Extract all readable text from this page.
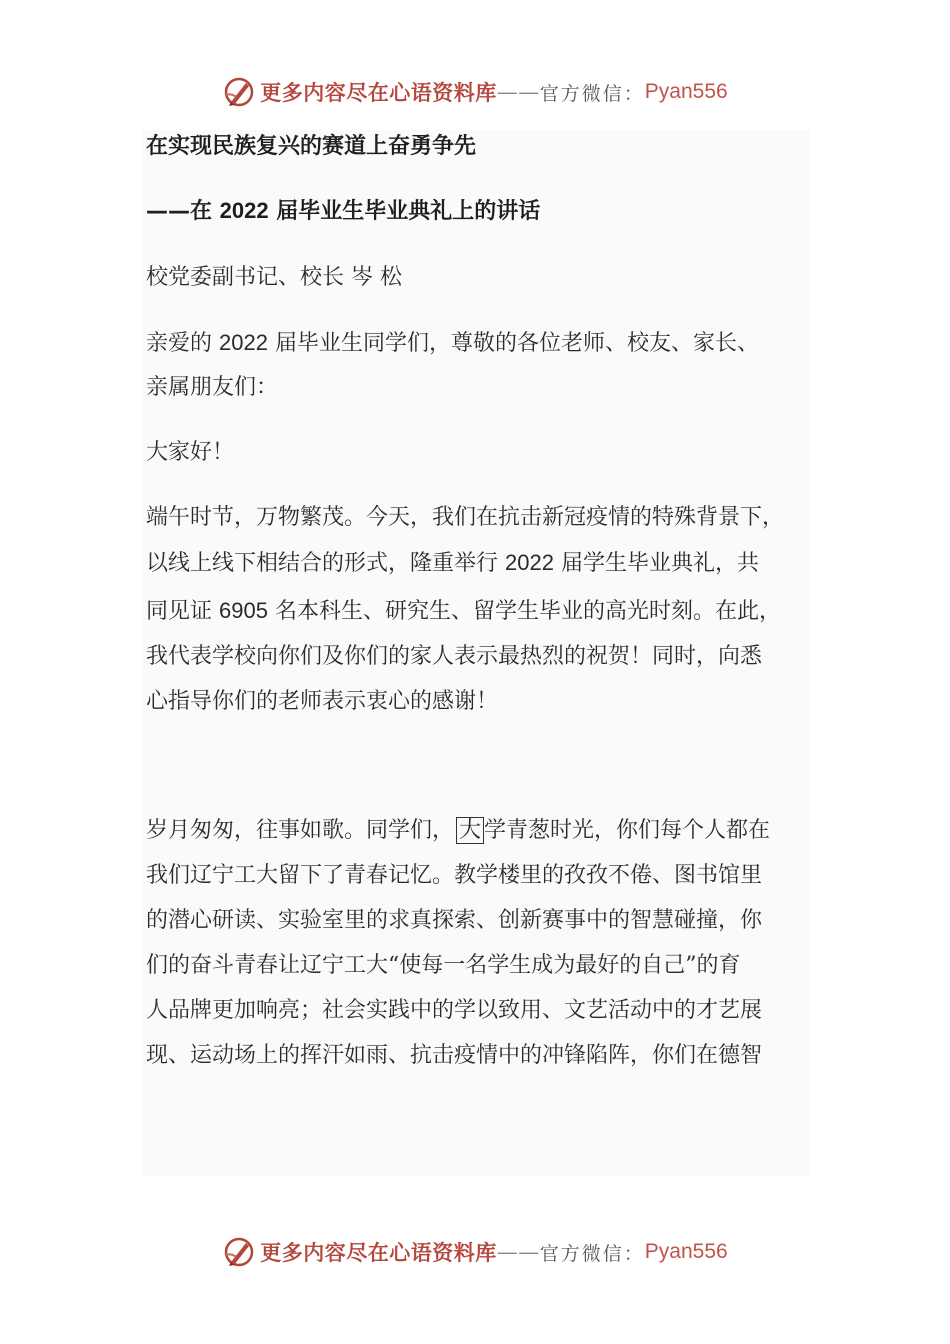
更多内容尽在心语资料库 —— 官方微信： Pyan556
在实现民族复兴的赛道上奋勇争先
——在 2022 届毕业生毕业典礼上的讲话
校党委副书记、校长 岑 松
亲爱的 2022 届毕业生同学们，尊敬的各位老师、校友、家长、
亲属朋友们：
大家好！
端午时节，万物繁茂。今天，我们在抗击新冠疫情的特殊背景下，
以线上线下相结合的形式，隆重举行 2022 届学生毕业典礼，共
同见证 6905 名本科生、研究生、留学生毕业的高光时刻。在此，
我代表学校向你们及你们的家人表示最热烈的祝贺！同时，向悉
心指导你们的老师表示衷心的感谢！
岁月匆匆，往事如歌。同学们， 大 学青葱时光，你们每个人都在
我们辽宁工大留下了青春记忆。教学楼里的孜孜不倦、图书馆里
的潜心研读、实验室里的求真探索、创新赛事中的智慧碰撞，你
们的奋斗青春让辽宁工大“使每一名学生成为最好的自己”的育
人品牌更加响亮；社会实践中的学以致用、文艺活动中的才艺展
现、运动场上的挥汗如雨、抗击疫情中的冲锋陷阵，你们在德智
更多内容尽在心语资料库 —— 官方微信： Pyan556
